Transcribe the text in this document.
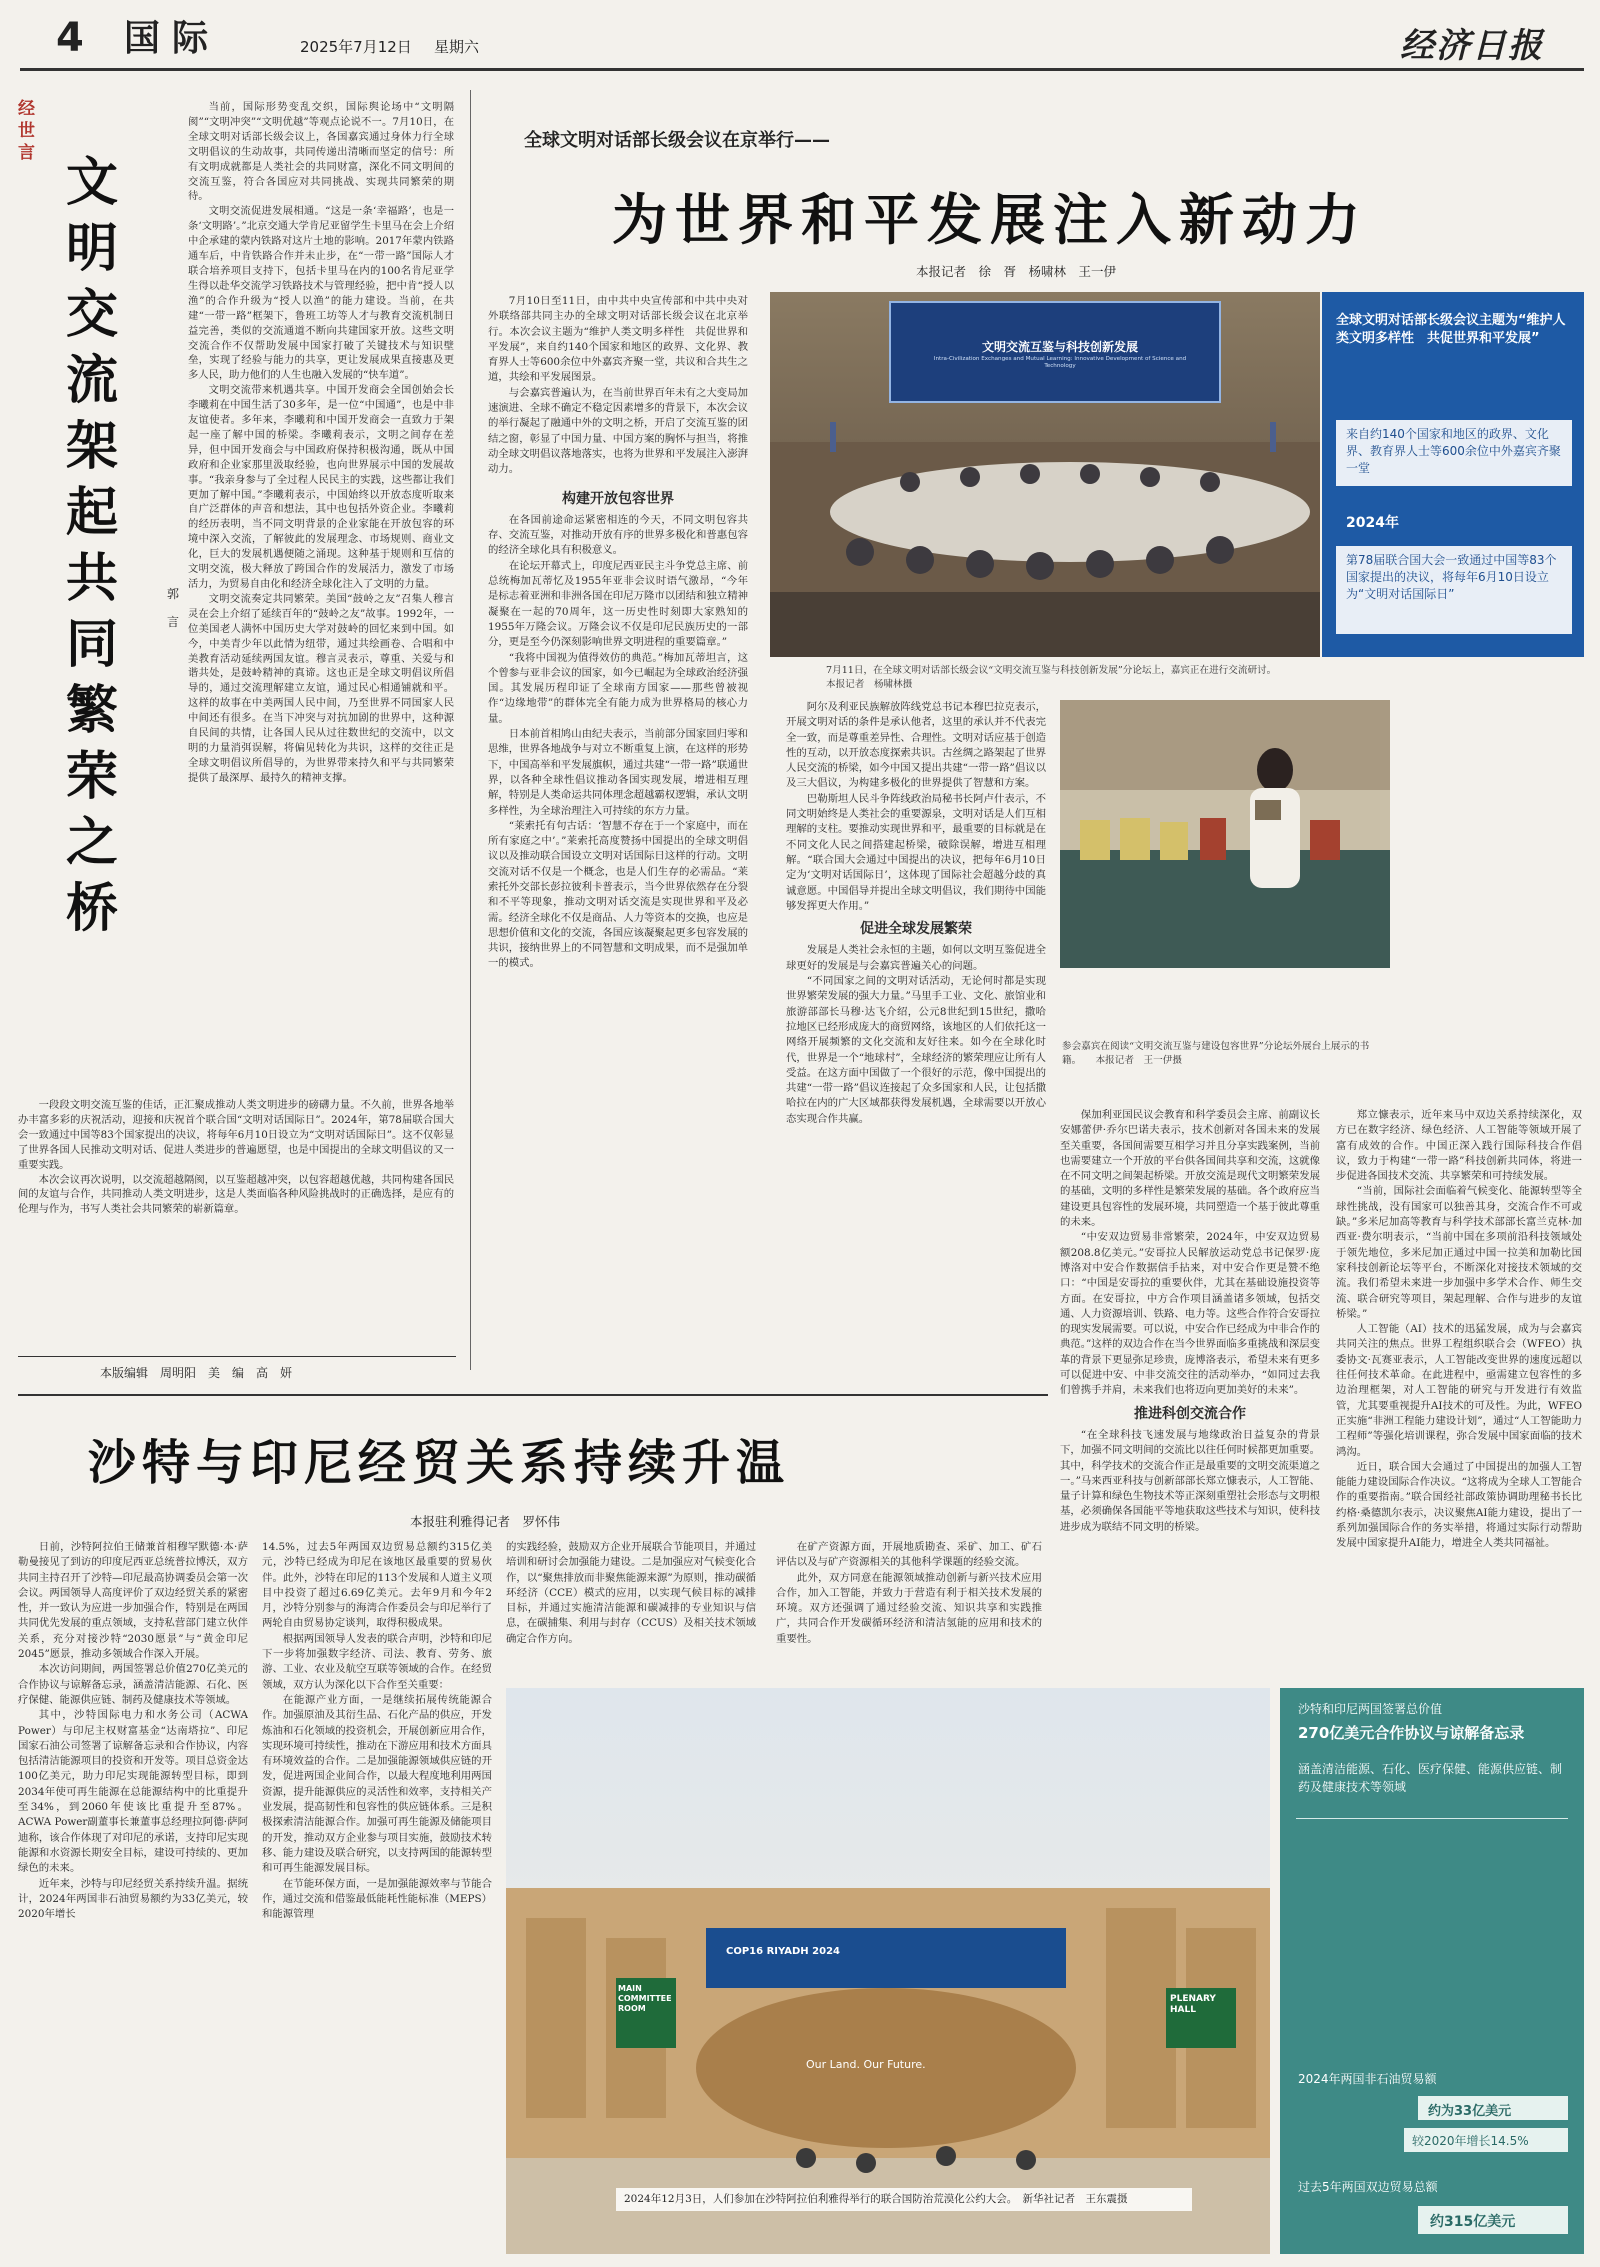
4 国际	2025年7月12日 星期六	经济日报
经世言 文明交流架起共同繁荣之桥
郭言

当前，国际形势变乱交织，国际舆论场中“文明隔阂”“文明冲突”“文明优越”等观点论说不一。7月10日，在全球文明对话部长级会议上，各国嘉宾通过身体力行全球文明倡议的生动故事，共同传递出清晰而坚定的信号：所有文明成就都是人类社会的共同财富，深化不同文明间的交流互鉴，符合各国应对共同挑战、实现共同繁荣的期待。

文明交流促进发展相通。“这是一条‘幸福路’，也是一条‘文明路’。”北京交通大学肯尼亚留学生卡里马在会上介绍中企承建的蒙内铁路对这片土地的影响。2017年蒙内铁路通车后，中肯铁路合作并未止步，在“一带一路”国际人才联合培养项目支持下，包括卡里马在内的100名肯尼亚学生得以赴华交流学习铁路技术与管理经验，把中肯“授人以渔”的合作升级为“授人以渔”的能力建设。当前，在共建“一带一路”框架下，鲁班工坊等人才与教育交流机制日益完善，类似的交流通道不断向共建国家开放。这些文明交流合作不仅帮助发展中国家打破了关键技术与知识壁垒，实现了经验与能力的共享，更让发展成果直接惠及更多人民，助力他们的人生也融入发展的“快车道”。

文明交流带来机遇共享。中国开发商会全国创始会长李曦莉在中国生活了30多年，是一位“中国通”，也是中非友谊使者。多年来，李曦莉和中国开发商会一直致力于架起一座了解中国的桥梁。李曦莉表示，文明之间存在差异，但中国开发商会与中国政府保持积极沟通，既从中国政府和企业家那里汲取经验，也向世界展示中国的发展故事。“我亲身参与了全过程人民民主的实践，这些都让我们更加了解中国。”李曦莉表示，中国始终以开放态度听取来自广泛群体的声音和想法，其中也包括外资企业。李曦莉的经历表明，当不同文明背景的企业家能在开放包容的环境中深入交流，了解彼此的发展理念、市场规则、商业文化，巨大的发展机遇便随之涌现。这种基于规则和互信的文明交流，极大释放了跨国合作的发展活力，激发了市场活力，为贸易自由化和经济全球化注入了文明的力量。

文明交流奏定共同繁荣。美国“鼓岭之友”召集人穆言灵在会上介绍了延续百年的“鼓岭之友”故事。1992年，一位美国老人满怀中国历史大学对鼓岭的回忆来到中国。如今，中美青少年以此情为纽带，通过共绘画卷、合唱和中美教育活动延续两国友谊。穆言灵表示，尊重、关爱与和谐共处，是鼓岭精神的真谛。这也正是全球文明倡议所倡导的，通过交流理解建立友谊，通过民心相通铺就和平。这样的故事在中美两国人民中间，乃至世界不同国家人民中间还有很多。在当下冲突与对抗加剧的世界中，这种源自民间的共情，让各国人民从过往数世纪的交流中，以文明的力量消弭误解，将偏见转化为共识，这样的交往正是全球文明倡议所倡导的，为世界带来持久和平与共同繁荣提供了最深厚、最持久的精神支撑。

一段段文明交流互鉴的佳话，正汇聚成推动人类文明进步的磅礴力量。不久前，世界各地举办丰富多彩的庆祝活动，迎接和庆祝首个联合国“文明对话国际日”。2024年，第78届联合国大会一致通过中国等83个国家提出的决议，将每年6月10日设立为“文明对话国际日”。这不仅彰显了世界各国人民推动文明对话、促进人类进步的普遍愿望，也是中国提出的全球文明倡议的又一重要实践。

本次会议再次说明，以交流超越隔阂，以互鉴超越冲突，以包容超越优越，共同构建各国民间的友谊与合作，共同推动人类文明进步，这是人类面临各种风险挑战时的正确选择，是应有的伦理与作为，书写人类社会共同繁荣的崭新篇章。

本版编辑　周明阳　美　编　高　妍
全球文明对话部长级会议在京举行——
为世界和平发展注入新动力
本报记者　徐　胥　杨啸林　王一伊

7月10日至11日，由中共中央宣传部和中共中央对外联络部共同主办的全球文明对话部长级会议在北京举行。本次会议主题为“维护人类文明多样性　共促世界和平发展”，来自约140个国家和地区的政界、文化界、教育界人士等600余位中外嘉宾齐聚一堂，共议和合共生之道，共绘和平发展图景。

与会嘉宾普遍认为，在当前世界百年未有之大变局加速演进、全球不确定不稳定因素增多的背景下，本次会议的举行凝起了融通中外的文明之桥，开启了交流互鉴的团结之窗，彰显了中国力量、中国方案的胸怀与担当，将推动全球文明倡议落地落实，也将为世界和平发展注入澎湃动力。

构建开放包容世界

在各国前途命运紧密相连的今天，不同文明包容共存、交流互鉴，对推动开放有序的世界多极化和普惠包容的经济全球化具有积极意义。

在论坛开幕式上，印度尼西亚民主斗争党总主席、前总统梅加瓦蒂忆及1955年亚非会议时语气激昂，“今年是标志着亚洲和非洲各国在印尼万隆市以团结和独立精神凝聚在一起的70周年，这一历史性时刻即大家熟知的1955年万隆会议。万隆会议不仅是印尼民族历史的一部分，更是至今仍深刻影响世界文明进程的重要篇章。”

“我将中国视为值得效仿的典范。”梅加瓦蒂坦言，这个曾参与亚非会议的国家，如今已崛起为全球政治经济强国。其发展历程印证了全球南方国家——那些曾被视作“边缘地带”的群体完全有能力成为世界格局的核心力量。

日本前首相鸠山由纪夫表示，当前部分国家回归零和思维，世界各地战争与对立不断重复上演，在这样的形势下，中国高举和平发展旗帜，通过共建“一带一路”联通世界，以各种全球性倡议推动各国实现发展，增进相互理解，特别是人类命运共同体理念超越霸权逻辑，承认文明多样性，为全球治理注入可持续的东方力量。

“莱索托有句古话：‘智慧不存在于一个家庭中，而在所有家庭之中’。”莱索托高度赞扬中国提出的全球文明倡议以及推动联合国设立文明对话国际日这样的行动。文明交流对话不仅是一个概念，也是人们生存的必需品。“莱索托外交部长彭拉彼利卡普表示，当今世界依然存在分裂和不平等现象，推动文明对话交流是实现世界和平及必需。经济全球化不仅是商品、人力等资本的交换，也应是思想价值和文化的交流，各国应该凝聚起更多包容发展的共识，接纳世界上的不同智慧和文明成果，而不是强加单一的模式。

文明交流互鉴与科技创新发展
Intra-Civilization Exchanges and Mutual Learning: Innovative Development of Science and Technology
7月11日，在全球文明对话部长级会议“文明交流互鉴与科技创新发展”分论坛上，嘉宾正在进行交流研讨。　　本报记者　杨啸林摄
全球文明对话部长级会议主题为“维护人类文明多样性　共促世界和平发展”
来自约140个国家和地区的政界、文化界、教育界人士等600余位中外嘉宾齐聚一堂
2024年
第78届联合国大会一致通过中国等83个国家提出的决议，将每年6月10日设立为“文明对话国际日”

阿尔及利亚民族解放阵线党总书记本穆巴拉克表示，开展文明对话的条件是承认他者，这里的承认并不代表完全一致，而是尊重差异性、合理性。文明对话应基于创造性的互动，以开放态度探索共识。古丝绸之路架起了世界人民交流的桥梁，如今中国又提出共建“一带一路”倡议以及三大倡议，为构建多极化的世界提供了智慧和方案。

巴勒斯坦人民斗争阵线政治局秘书长阿卢什表示，不同文明始终是人类社会的重要源泉，文明对话是人们互相理解的支柱。要推动实现世界和平，最重要的目标就是在不同文化人民之间搭建起桥梁，破除误解，增进互相理解。“联合国大会通过中国提出的决议，把每年6月10日定为‘文明对话国际日’，这体现了国际社会超越分歧的真诚意愿。中国倡导并提出全球文明倡议，我们期待中国能够发挥更大作用。”

促进全球发展繁荣

发展是人类社会永恒的主题，如何以文明互鉴促进全球更好的发展是与会嘉宾普遍关心的问题。

“不同国家之间的文明对话活动，无论何时都是实现世界繁荣发展的强大力量。”马里手工业、文化、旅馆业和旅游部部长马穆·达飞介绍，公元8世纪到15世纪，撒哈拉地区已经形成庞大的商贸网络，该地区的人们依托这一网络开展频繁的文化交流和友好往来。如今在全球化时代，世界是一个“地球村”，全球经济的繁荣理应让所有人受益。在这方面中国做了一个很好的示范，像中国提出的共建“一带一路”倡议连接起了众多国家和人民，让包括撒哈拉在内的广大区域都获得发展机遇，全球需要以开放心态实现合作共赢。

参会嘉宾在阅读“文明交流互鉴与建设包容世界”分论坛外展台上展示的书籍。　　本报记者　王一伊摄

保加利亚国民议会教育和科学委员会主席、前副议长安娜蕾伊·乔尔巴诺夫表示，技术创新对各国未来的发展至关重要，各国间需要互相学习并且分享实践案例，当前也需要建立一个开放的平台供各国间共享和交流，这就像在不同文明之间架起桥梁。开放交流是现代文明繁荣发展的基础，文明的多样性是繁荣发展的基础。各个政府应当建设更具包容性的发展环境，共同塑造一个基于彼此尊重的未来。

“中安双边贸易非常繁荣，2024年，中安双边贸易额208.8亿美元。”安哥拉人民解放运动党总书记保罗·庞博洛对中安合作数据信手拈来，对中安合作更是赞不绝口：“中国是安哥拉的重要伙伴，尤其在基础设施投资等方面。在安哥拉，中方合作项目涵盖诸多领域，包括交通、人力资源培训、铁路、电力等。这些合作符合安哥拉的现实发展需要。可以说，中安合作已经成为中非合作的典范。”这样的双边合作在当今世界面临多重挑战和深层变革的背景下更显弥足珍贵，庞博洛表示，希望未来有更多可以促进中安、中非交流交往的活动举办，“如同过去我们曾携手并肩，未来我们也将迈向更加美好的未来”。

推进科创交流合作

“在全球科技飞速发展与地缘政治日益复杂的背景下，加强不同文明间的交流比以往任何时候都更加重要。其中，科学技术的交流合作正是最重要的文明交流渠道之一。”马来西亚科技与创新部部长郑立慷表示，人工智能、量子计算和绿色生物技术等正深刻重塑社会形态与文明根基，必须确保各国能平等地获取这些技术与知识，使科技进步成为联结不同文明的桥梁。

郑立慷表示，近年来马中双边关系持续深化，双方已在数字经济、绿色经济、人工智能等领域开展了富有成效的合作。中国正深入践行国际科技合作倡议，致力于构建“一带一路”科技创新共同体，将进一步促进各国技术交流、共享繁荣和可持续发展。

“当前，国际社会面临着气候变化、能源转型等全球性挑战，没有国家可以独善其身，交流合作不可或缺。”多米尼加高等教育与科学技术部部长富兰克林·加西亚·费尔明表示，“当前中国在多项前沿科技领域处于领先地位，多米尼加正通过中国一拉美和加勒比国家科技创新论坛等平台，不断深化对接技术领域的交流。我们希望未来进一步加强中多学术合作、师生交流、联合研究等项目，架起理解、合作与进步的友谊桥梁。”

人工智能（AI）技术的迅猛发展，成为与会嘉宾共同关注的焦点。世界工程组织联合会（WFEO）执委协文·瓦赛亚表示，人工智能改变世界的速度远超以往任何技术革命。在此进程中，亟需建立包容性的多边治理框架，对人工智能的研究与开发进行有效监管，尤其要重视提升AI技术的可及性。为此，WFEO正实施“非洲工程能力建设计划”，通过“人工智能助力工程师”等强化培训课程，弥合发展中国家面临的技术鸿沟。

近日，联合国大会通过了中国提出的加强人工智能能力建设国际合作决议。“这将成为全球人工智能合作的重要指南。”联合国经社部政策协调助理秘书长比约格·桑德凯尔表示，决议聚焦AI能力建设，提出了一系列加强国际合作的务实举措，将通过实际行动帮助发展中国家提升AI能力，增进全人类共同福祉。

沙特与印尼经贸关系持续升温
本报驻利雅得记者　罗怀伟

日前，沙特阿拉伯王储兼首相穆罕默德·本·萨勒曼接见了到访的印度尼西亚总统普拉博沃，双方共同主持召开了沙特—印尼最高协调委员会第一次会议。两国领导人高度评价了双边经贸关系的紧密性，并一致认为应进一步加强合作，特别是在两国共同优先发展的重点领域，支持私营部门建立伙伴关系，充分对接沙特“2030愿景”与“黄金印尼2045”愿景，推动多领域合作深入开展。

本次访问期间，两国签署总价值270亿美元的合作协议与谅解备忘录，涵盖清洁能源、石化、医疗保健、能源供应链、制药及健康技术等领域。

其中，沙特国际电力和水务公司（ACWA Power）与印尼主权财富基金“达南塔拉”、印尼国家石油公司签署了谅解备忘录和合作协议，内容包括清洁能源项目的投资和开发等。项目总资金达100亿美元，助力印尼实现能源转型目标，即到2034年使可再生能源在总能源结构中的比重提升至34%，到2060年使该比重提升至87%。ACWA Power副董事长兼董事总经理拉阿德·萨阿迪称，该合作体现了对印尼的承诺，支持印尼实现能源和水资源长期安全目标，建设可持续的、更加绿色的未来。

近年来，沙特与印尼经贸关系持续升温。据统计，2024年两国非石油贸易额约为33亿美元，较2020年增长

14.5%，过去5年两国双边贸易总额约315亿美元，沙特已经成为印尼在该地区最重要的贸易伙伴。此外，沙特在印尼的113个发展和人道主义项目中投资了超过6.69亿美元。去年9月和今年2月，沙特分别参与的海湾合作委员会与印尼举行了两轮自由贸易协定谈判，取得积极成果。

根据两国领导人发表的联合声明，沙特和印尼下一步将加强数字经济、司法、教育、劳务、旅游、工业、农业及航空互联等领域的合作。在经贸领域，双方认为深化以下合作至关重要：

在能源产业方面，一是继续拓展传统能源合作。加强原油及其衍生品、石化产品的供应，开发炼油和石化领域的投资机会，开展创新应用合作，实现环境可持续性，推动在下游应用和技术方面具有环境效益的合作。二是加强能源领域供应链的开发，促进两国企业间合作，以最大程度地利用两国资源，提升能源供应的灵活性和效率，支持相关产业发展，提高韧性和包容性的供应链体系。三是积极探索清洁能源合作。加强可再生能源及储能项目的开发，推动双方企业参与项目实施，鼓励技术转移、能力建设及联合研究，以支持两国的能源转型和可再生能源发展目标。

在节能环保方面，一是加强能源效率与节能合作，通过交流和借鉴最低能耗性能标准（MEPS）和能源管理

的实践经验，鼓励双方企业开展联合节能项目，并通过培训和研讨会加强能力建设。二是加强应对气候变化合作，以“聚焦排放而非聚焦能源来源”为原则，推动碳循环经济（CCE）模式的应用，以实现气候目标的减排目标，并通过实施清洁能源和碳减排的专业知识与信息，在碳捕集、利用与封存（CCUS）及相关技术领域确定合作方向。

在矿产资源方面，开展地质勘查、采矿、加工、矿石评估以及与矿产资源相关的其他科学课题的经验交流。

此外，双方同意在能源领域推动创新与新兴技术应用合作，加入工智能，并致力于营造有利于相关技术发展的环境。双方还强调了通过经验交流、知识共享和实践推广，共同合作开发碳循环经济和清洁氢能的应用和技术的重要性。

MAIN COMMITTEE ROOM
COP16 RIYADH 2024
Our Land. Our Future.
PLENARY HALL
2024年12月3日，人们参加在沙特阿拉伯利雅得举行的联合国防治荒漠化公约大会。　新华社记者　王东震摄
沙特和印尼两国签署总价值
270亿美元合作协议与谅解备忘录
涵盖清洁能源、石化、医疗保健、能源供应链、制药及健康技术等领域
2024年两国非石油贸易额
约为33亿美元
较2020年增长14.5%
过去5年两国双边贸易总额
约315亿美元
